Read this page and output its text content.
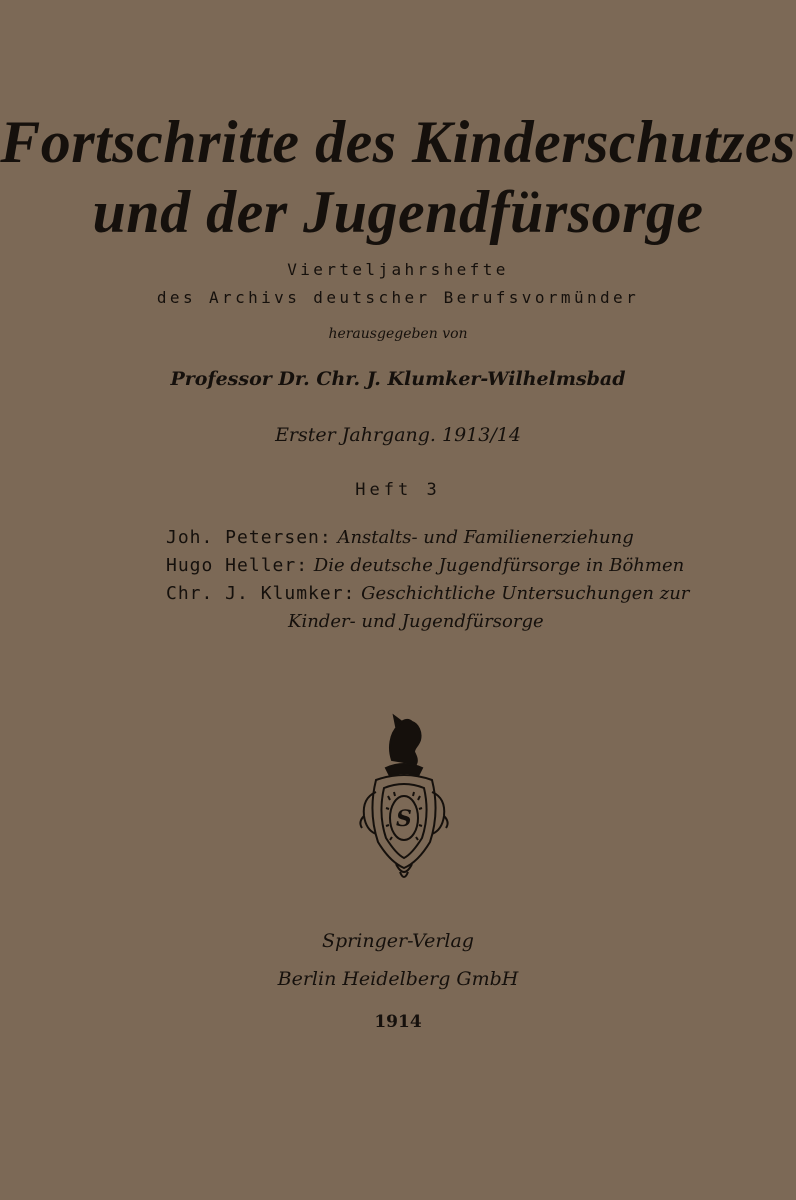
Fortschritte des Kinderschutzes
und der Jugendfürsorge
Vierteljahrshefte
des Archivs deutscher Berufsvormünder
herausgegeben von
Professor Dr. Chr. J. Klumker-Wilhelmsbad
Erster Jahrgang. 1913/14
Heft 3
Joh. Petersen: Anstalts- und Familienerziehung
Hugo Heller: Die deutsche Jugendfürsorge in Böhmen
Chr. J. Klumker: Geschichtliche Untersuchungen zur
Kinder- und Jugendfürsorge
S
Springer-Verlag
Berlin Heidelberg GmbH
1914
